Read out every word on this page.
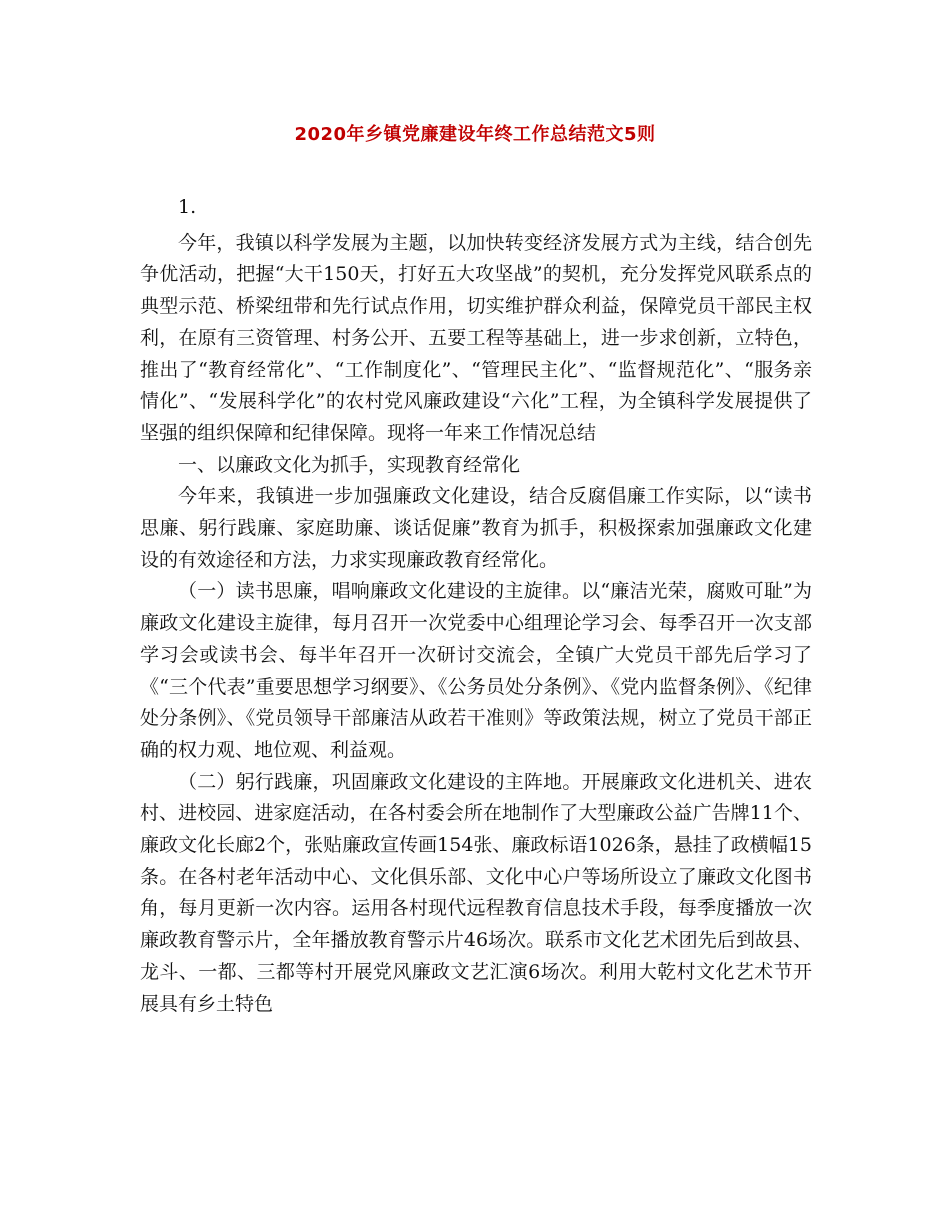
2020年乡镇党廉建设年终工作总结范文5则

1.

今年，我镇以科学发展为主题，以加快转变经济发展方式为主线，结合创先争优活动，把握“大干150天，打好五大攻坚战”的契机，充分发挥党风联系点的典型示范、桥梁纽带和先行试点作用，切实维护群众利益，保障党员干部民主权利，在原有三资管理、村务公开、五要工程等基础上，进一步求创新，立特色，推出了“教育经常化”、“工作制度化”、“管理民主化”、“监督规范化”、“服务亲情化”、“发展科学化”的农村党风廉政建设“六化”工程，为全镇科学发展提供了坚强的组织保障和纪律保障。现将一年来工作情况总结

一、以廉政文化为抓手，实现教育经常化

今年来，我镇进一步加强廉政文化建设，结合反腐倡廉工作实际，以“读书思廉、躬行践廉、家庭助廉、谈话促廉”教育为抓手，积极探索加强廉政文化建设的有效途径和方法，力求实现廉政教育经常化。

（一）读书思廉，唱响廉政文化建设的主旋律。以“廉洁光荣，腐败可耻”为廉政文化建设主旋律，每月召开一次党委中心组理论学习会、每季召开一次支部学习会或读书会、每半年召开一次研讨交流会，全镇广大党员干部先后学习了《“三个代表”重要思想学习纲要》、《公务员处分条例》、《党内监督条例》、《纪律处分条例》、《党员领导干部廉洁从政若干准则》等政策法规，树立了党员干部正确的权力观、地位观、利益观。

（二）躬行践廉，巩固廉政文化建设的主阵地。开展廉政文化进机关、进农村、进校园、进家庭活动，在各村委会所在地制作了大型廉政公益广告牌11个、廉政文化长廊2个，张贴廉政宣传画154张、廉政标语1026条，悬挂了政横幅15条。在各村老年活动中心、文化俱乐部、文化中心户等场所设立了廉政文化图书角，每月更新一次内容。运用各村现代远程教育信息技术手段，每季度播放一次廉政教育警示片，全年播放教育警示片46场次。联系市文化艺术团先后到故县、龙斗、一都、三都等村开展党风廉政文艺汇演6场次。利用大乾村文化艺术节开展具有乡土特色
